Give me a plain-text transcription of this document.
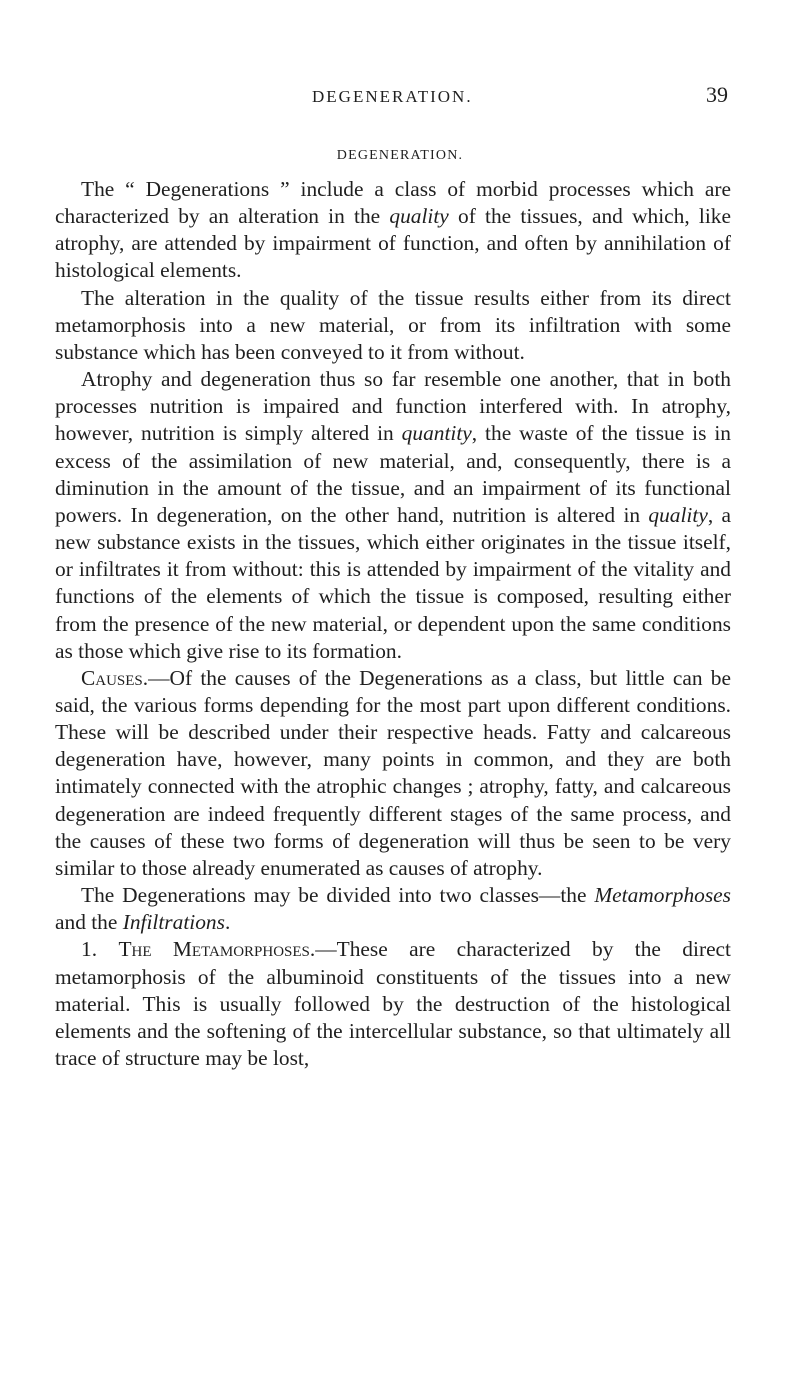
DEGENERATION.	39
DEGENERATION.

The “ Degenerations ” include a class of morbid processes which are characterized by an alteration in the quality of the tissues, and which, like atrophy, are attended by impairment of function, and often by annihilation of histological elements.

The alteration in the quality of the tissue results either from its direct metamorphosis into a new material, or from its infiltration with some substance which has been conveyed to it from without.

Atrophy and degeneration thus so far resemble one another, that in both processes nutrition is impaired and function interfered with. In atrophy, however, nutrition is simply altered in quantity, the waste of the tissue is in excess of the assimilation of new material, and, consequently, there is a diminution in the amount of the tissue, and an impairment of its functional powers. In degeneration, on the other hand, nutrition is altered in quality, a new substance exists in the tissues, which either originates in the tissue itself, or infiltrates it from without: this is attended by impairment of the vitality and functions of the elements of which the tissue is composed, resulting either from the presence of the new material, or dependent upon the same conditions as those which give rise to its formation.

Causes.—Of the causes of the Degenerations as a class, but little can be said, the various forms depending for the most part upon different conditions. These will be described under their respective heads. Fatty and calcareous degeneration have, however, many points in common, and they are both intimately connected with the atrophic changes ; atrophy, fatty, and calcareous degeneration are indeed frequently different stages of the same process, and the causes of these two forms of degeneration will thus be seen to be very similar to those already enumerated as causes of atrophy.

The Degenerations may be divided into two classes—the Metamorphoses and the Infiltrations.

1. The Metamorphoses.—These are characterized by the direct metamorphosis of the albuminoid constituents of the tissues into a new material. This is usually followed by the destruction of the histological elements and the softening of the intercellular substance, so that ultimately all trace of structure may be lost,
